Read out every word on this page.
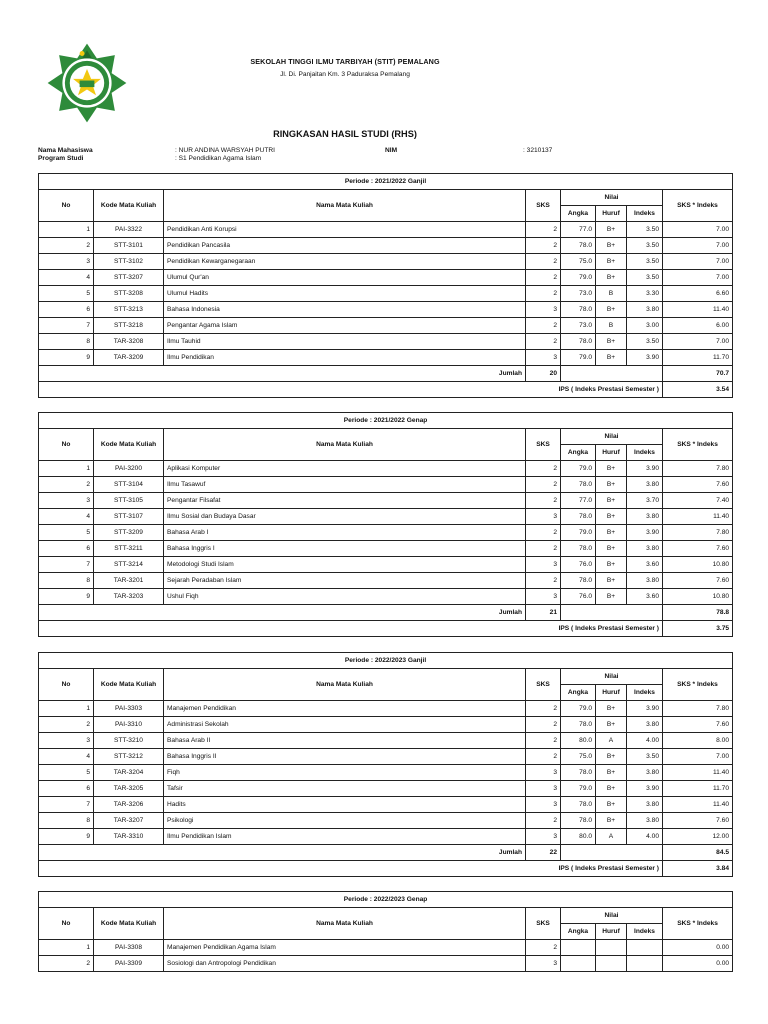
SEKOLAH TINGGI ILMU TARBIYAH (STIT) PEMALANG
Jl. Di. Panjaitan Km. 3 Paduraksa Pemalang
RINGKASAN HASIL STUDI (RHS)
Nama Mahasiswa	: NUR ANDINA WARSYAH PUTRI	NIM	: 3210137
Program Studi	: S1 Pendidikan Agama Islam
Periode : 2021/2022 Ganjil							
No	Kode Mata Kuliah	Nama Mata Kuliah	SKS	Nilai			SKS * Indeks
				Angka	Huruf	Indeks	
1	PAI-3322	Pendidikan Anti Korupsi	2	77.0	B+	3.50	7.00
2	STT-3101	Pendidikan Pancasila	2	78.0	B+	3.50	7.00
3	STT-3102	Pendidikan Kewarganegaraan	2	75.0	B+	3.50	7.00
4	STT-3207	Ulumul Qur'an	2	79.0	B+	3.50	7.00
5	STT-3208	Ulumul Hadits	2	73.0	B	3.30	6.60
6	STT-3213	Bahasa Indonesia	3	78.0	B+	3.80	11.40
7	STT-3218	Pengantar Agama Islam	2	73.0	B	3.00	6.00
8	TAR-3208	Ilmu Tauhid	2	78.0	B+	3.50	7.00
9	TAR-3209	Ilmu Pendidikan	3	79.0	B+	3.90	11.70
Jumlah			20				70.7
IPS ( Indeks Prestasi Semester )							3.54
Periode : 2021/2022 Genap							
No	Kode Mata Kuliah	Nama Mata Kuliah	SKS	Nilai			SKS * Indeks
				Angka	Huruf	Indeks	
1	PAI-3200	Aplikasi Komputer	2	79.0	B+	3.90	7.80
2	STT-3104	Ilmu Tasawuf	2	78.0	B+	3.80	7.60
3	STT-3105	Pengantar Filsafat	2	77.0	B+	3.70	7.40
4	STT-3107	Ilmu Sosial dan Budaya Dasar	3	78.0	B+	3.80	11.40
5	STT-3209	Bahasa Arab I	2	79.0	B+	3.90	7.80
6	STT-3211	Bahasa Inggris I	2	78.0	B+	3.80	7.60
7	STT-3214	Metodologi Studi Islam	3	76.0	B+	3.60	10.80
8	TAR-3201	Sejarah Peradaban Islam	2	78.0	B+	3.80	7.60
9	TAR-3203	Ushul Fiqh	3	76.0	B+	3.60	10.80
Jumlah			21				78.8
IPS ( Indeks Prestasi Semester )							3.75
Periode : 2022/2023 Ganjil							
No	Kode Mata Kuliah	Nama Mata Kuliah	SKS	Nilai			SKS * Indeks
				Angka	Huruf	Indeks	
1	PAI-3303	Manajemen Pendidikan	2	79.0	B+	3.90	7.80
2	PAI-3310	Administrasi Sekolah	2	78.0	B+	3.80	7.60
3	STT-3210	Bahasa Arab II	2	80.0	A	4.00	8.00
4	STT-3212	Bahasa Inggris II	2	75.0	B+	3.50	7.00
5	TAR-3204	Fiqh	3	78.0	B+	3.80	11.40
6	TAR-3205	Tafsir	3	79.0	B+	3.90	11.70
7	TAR-3206	Hadits	3	78.0	B+	3.80	11.40
8	TAR-3207	Psikologi	2	78.0	B+	3.80	7.60
9	TAR-3310	Ilmu Pendidikan Islam	3	80.0	A	4.00	12.00
Jumlah			22				84.5
IPS ( Indeks Prestasi Semester )							3.84
Periode : 2022/2023 Genap							
No	Kode Mata Kuliah	Nama Mata Kuliah	SKS	Nilai			SKS * Indeks
				Angka	Huruf	Indeks	
1	PAI-3308	Manajemen Pendidikan Agama Islam	2				0.00
2	PAI-3309	Sosiologi dan Antropologi Pendidikan	3				0.00
